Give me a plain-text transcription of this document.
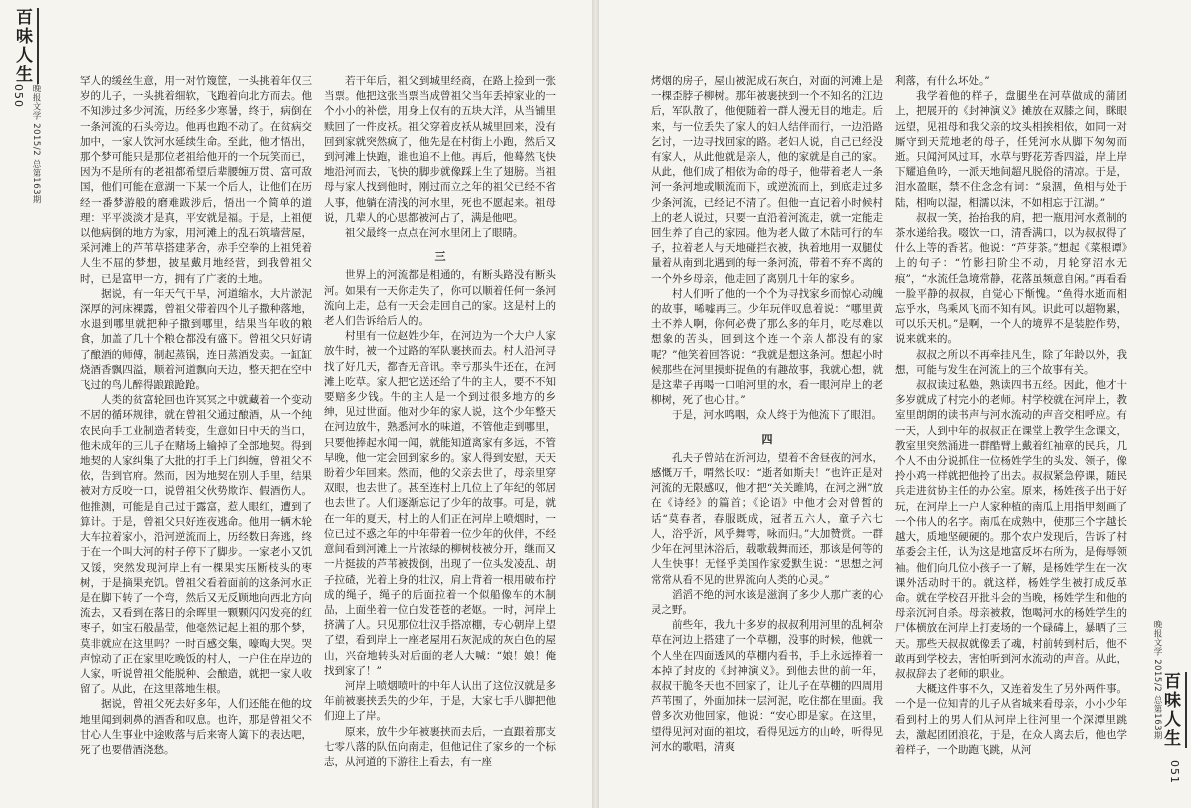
百味人生
晚报文学 2015/2 总第163期
050

罕人的缓丝生意，用一对竹篾筐，一头挑着年仅三岁的儿子，一头挑着细软，飞跑着向北方而去。他不知涉过多少河流，历经多少寒暑，终于，病倒在一条河流的石头旁边。他再也跑不动了。在贫病交加中，一家人饮河水延续生命。至此，他才悟出，那个梦可能只是那位老祖给他开的一个玩笑而已，因为不是所有的老祖都希望后辈腰缠万贯、富可敌国，他们可能在意湖一下某一个后人，让他们在历经一番梦游般的磨难跋涉后，悟出一个简单的道理：平平淡淡才是真，平安就是福。于是，上祖便以他病倒的地方为家，用河滩上的乱石筑墙营屋，采河滩上的芦苇草搭建茅舍，赤手空拳的上祖凭着人生不屈的梦想，披星戴月地经营，到我曾祖父时，已是富甲一方，拥有了广袤的土地。

据说，有一年天气干旱，河道缩水，大片淤泥深厚的河床裸露，曾祖父带着四个儿子撒种落地，水退到哪里就把种子撒到哪里，结果当年收的粮食，加盖了几十个粮仓都没有盛下。曾祖父只好请了酿酒的师傅，制起蒸锅，连日蒸酒发卖。一缸缸烧酒香飘四溢，顺着河道飘向天边，整天把在空中飞过的鸟儿醉得踉踉跄跄。

人类的贫富轮回也许冥冥之中就藏着一个变动不居的循环规律，就在曾祖父通过酿酒，从一个纯农民向手工业制造者转变，生意如日中天的当口，他未成年的三儿子在赌场上输掉了全部地契。得到地契的人家纠集了大批的打手上门纠缠，曾祖父不依，告到官府。然而，因为地契在别人手里，结果被对方反咬一口，说曾祖父伙势欺诈、假酒伤人。他推测，可能是自己过于露富，惹人眼红，遭到了算计。于是，曾祖父只好连夜逃命。他用一辆木轮大车拉着家小，沿河逆流而上，历经数日奔逃，终于在一个叫大河的村子停下了脚步。一家老小又饥又馁，突然发现河岸上有一棵果实压断枝头的枣树，于是摘果充饥。曾祖父看着面前的这条河水正是在脚下转了一个弯，然后又无反顾地向西北方向流去，又看到在落日的余晖里一颗颗闪闪发亮的红枣子，如宝石般晶莹，他毫然记起上祖的那个梦，莫非就应在这里吗？一时百感交集，嚎啕大哭。哭声惊动了正在家里吃晚饭的村人，一户住在岸边的人家，听说曾祖父能脱种、会酿造，就把一家人收留了。从此，在这里落地生根。

据说，曾祖父死去好多年，人们还能在他的坟地里闻到刺鼻的酒香和叹息。也许，那是曾祖父不甘心人生事业中途败落与后来寄人篱下的表达吧，死了也要借酒浇愁。

若干年后，祖父到城里经商，在路上捡到一张当票。他把这张当票当成曾祖父当年丢掉家业的一个小小的补偿，用身上仅有的五块大洋，从当铺里赎回了一件皮袄。祖父穿着皮袄从城里回来，没有回到家就突然疯了，他先是在村街上小跑，然后又到河滩上快跑，谁也追不上他。再后，他蓦然飞快地沿河而去，飞快的脚步就像踩上生了翅膀。当祖母与家人找到他时，刚过而立之年的祖父已经不省人事，他躺在清浅的河水里，死也不愿起来。祖母说，几辈人的心思都被河占了，满是他吧。

祖父最终一点点在河水里闭上了眼睛。

三

世界上的河流都是相通的，有断头路没有断头河。如果有一天你走失了，你可以顺着任何一条河流向上走，总有一天会走回自己的家。这是村上的老人们告诉给后人的。

村里有一位赵姓少年，在河边为一个大户人家放牛时，被一个过路的军队裹挟而去。村人沿河寻找了好几天，都杳无音讯。幸亏那头牛还在，在河滩上吃草。家人把它送还给了牛的主人，要不不知要赔多少钱。牛的主人是一个到过很多地方的乡绅，见过世面。他对少年的家人说，这个少年整天在河边放牛，熟悉河水的味道，不管他走到哪里，只要他捧起水闻一闻，就能知道离家有多远，不管早晚，他一定会回到家乡的。家人得到安慰，天天盼着少年回来。然而，他的父亲去世了，母亲里穿双眼，也去世了。甚至连村上几位上了年纪的邻居也去世了。人们逐渐忘记了少年的故事。可是，就在一年的夏天，村上的人们正在河岸上喷烟时，一位已过不惑之年的中年带着一位少年的伙伴，不经意间看到河滩上一片浓绿的柳树枝被分开，继而又一片挺拔的芦苇被拨倒，出现了一位头发凌乱、胡子拉碴，光着上身的壮汉，肩上背着一根用破布拧成的绳子，绳子的后面拉着一个似船像车的木制品，上面坐着一位白发苍苍的老妪。一时，河岸上挤满了人。只见那位壮汉手搭凉棚，专心朝岸上望了望，看到岸上一座老屋用石灰泥成的灰白色的屋山，兴奋地转头对后面的老人大喊：“娘！娘！俺找到家了！”

河岸上喷烟喷叶的中年人认出了这位汉就是多年前被裹挟丢失的少年，于是，大家七手八脚把他们迎上了岸。

原来，放牛少年被裹挟而去后，一直跟着那支七零八落的队伍向南走，但他记住了家乡的一个标志，从河道的下游往上看去，有一座

烤烟的房子，屋山被泥成石灰白，对面的河滩上是一棵歪脖子柳树。那年被裹挟到一个不知名的江边后，军队散了，他便随着一群人漫无目的地走。后来，与一位丢失了家人的妇人结伴而行，一边沿路乞讨，一边寻找回家的路。老妇人说，自己已经没有家人，从此他就是亲人，他的家就是自己的家。从此，他们成了相依为命的母子，他带着老人一条河一条河地或顺流而下，或逆流而上，到底走过多少条河流，已经记不清了。但他一直记着小时候村上的老人说过，只要一直沿着河流走，就一定能走回生养了自己的家园。他为老人做了木陆可行的车子，拉着老人与天地碰拦衣被，执着地用一双腿仗量着从南到北遇到的每一条河流，带着不弃不离的一个外乡母亲，他走回了离别几十年的家乡。

村人们听了他的一个个为寻找家乡而惊心动魄的故事，唏嘘再三。少年玩伴叹息着说：“哪里黄土不养人啊，你何必费了那么多的年月，吃尽难以想象的苦头，回到这个连一个亲人都没有的家呢？”他笑着回答说：“我就是想这条河。想起小时候那些在河里摸虾捉鱼的有趣故事，我就心想，就是这辈子再喝一口咱河里的水，看一眼河岸上的老柳树，死了也心甘。”

于是，河水鸣咽，众人终于为他流下了眼泪。

四

孔夫子曾站在沂河边，望着不舍昼夜的河水，感慨万千，喟然长叹：“逝者如斯夫！”也许正是对河流的无限感叹，他才把“关关雎鸠，在河之洲”放在《诗经》的篇首；《论语》中他才会对曾皙的话“莫春者，春服既成，冠者五六人，童子六七人，浴乎沂，风乎舞雩，咏而归。”大加赞赏。一群少年在河里沐浴后，载歌载舞而还，那该是何等的人生快事！无怪乎美国作家爱默生说：“思想之河常常从看不见的世界流向人类的心灵。”

滔滔不绝的河水该是滋润了多少人那广袤的心灵之野。

前些年，我九十多岁的叔叔利用河里的乱柯杂草在河边上搭建了一个草棚，没事的时候，他就一个人坐在四面透风的草棚内看书，手上永远捧着一本掉了封皮的《封神演义》。到他去世的前一年，叔叔干脆冬天也不回家了，让儿子在草棚的四周用芦苇围了，外面加抹一层河泥，吃住都在里面。我曾多次劝他回家，他说：“安心即是家。在这里，望得见河对面的祖坟，看得见远方的山岭，听得见河水的歌唱，清爽

利落，有什么坏处。”

我学着他的样子，盘腿坐在河草做成的蒲团上，把展开的《封神演义》摊放在双膝之间，眯眼远望，见祖母和我父亲的坟头相挨相依，如同一对厮守到天荒地老的母子，任凭河水从脚下匆匆而逝。只闻河风过耳，水草与野花芳香四溢，岸上岸下耀追鱼吟，一派天地间超凡脱俗的清凉。于是，泪水盈眶，禁不住念念有词：“泉涸，鱼相与处于陆，相呴以湿，相濡以沫，不如相忘于江湖。”

叔叔一笑，抬抬我的肩，把一瓶用河水煮制的茶水递给我。啜饮一口，清香满口，以为叔叔得了什么上等的香茗。他说：“芦芽茶。”想起《菜根谭》上的句子：“竹影扫阶尘不动，月轮穿沼水无痕”，“水流任急境常静，花落虽频意自闲。”再看看一脸平静的叔叔，自觉心下惭愧。“鱼得水逝而相忘乎水，鸟乘风飞而不知有风。识此可以超物累，可以乐天机。”是啊，一个人的境界不是装腔作势，说来就来的。

叔叔之所以不再牵挂凡生，除了年龄以外，我想，可能与发生在河流上的三个故事有关。

叔叔读过私塾，熟读四书五经。因此，他才十多岁就成了村完小的老师。村学校就在河岸上，教室里朗朗的读书声与河水流动的声音交相呼应。有一天，人到中年的叔叔正在课堂上教学生念课文，教室里突然涌进一群酷臂上戴着红袖章的民兵，几个人不由分说抓住一位杨姓学生的头发、领子，像拎小鸡一样就把他拎了出去。叔叔紧急停课，随民兵走进贫协主任的办公室。原来，杨姓孩子出于好玩，在河岸上一户人家种植的南瓜上用指甲刻画了一个伟人的名字。南瓜在成熟中，使那三个字越长越大，质地坚硬硬的。那个农户发现后，告诉了村革委会主任，认为这是地富反坏右所为，是侮辱领袖。他们向几位小孩子一了解，是杨姓学生在一次课外活动时干的。就这样，杨姓学生被打成反革命。就在学校召开批斗会的当晚，杨姓学生和他的母亲沉河自杀。母亲被救，饱喝河水的杨姓学生的尸体横放在河岸上打麦场的一个碌碡上，暴晒了三天。那些天叔叔就像丢了魂，村前转到村后，他不敢再到学校去，害怕听到河水流动的声音。从此，叔叔辞去了老师的职业。

大概这件事不久，又连着发生了另外两件事。一个是一位知青的儿子从省城来看母亲，小小少年看到村上的男人们从河岸上往河里一个深潭里跳去，激起团团浪花，于是，在众人离去后，他也学着样子，一个助跑飞跳，从河

百味人生
晚报文学 2015/2 总第163期
051
